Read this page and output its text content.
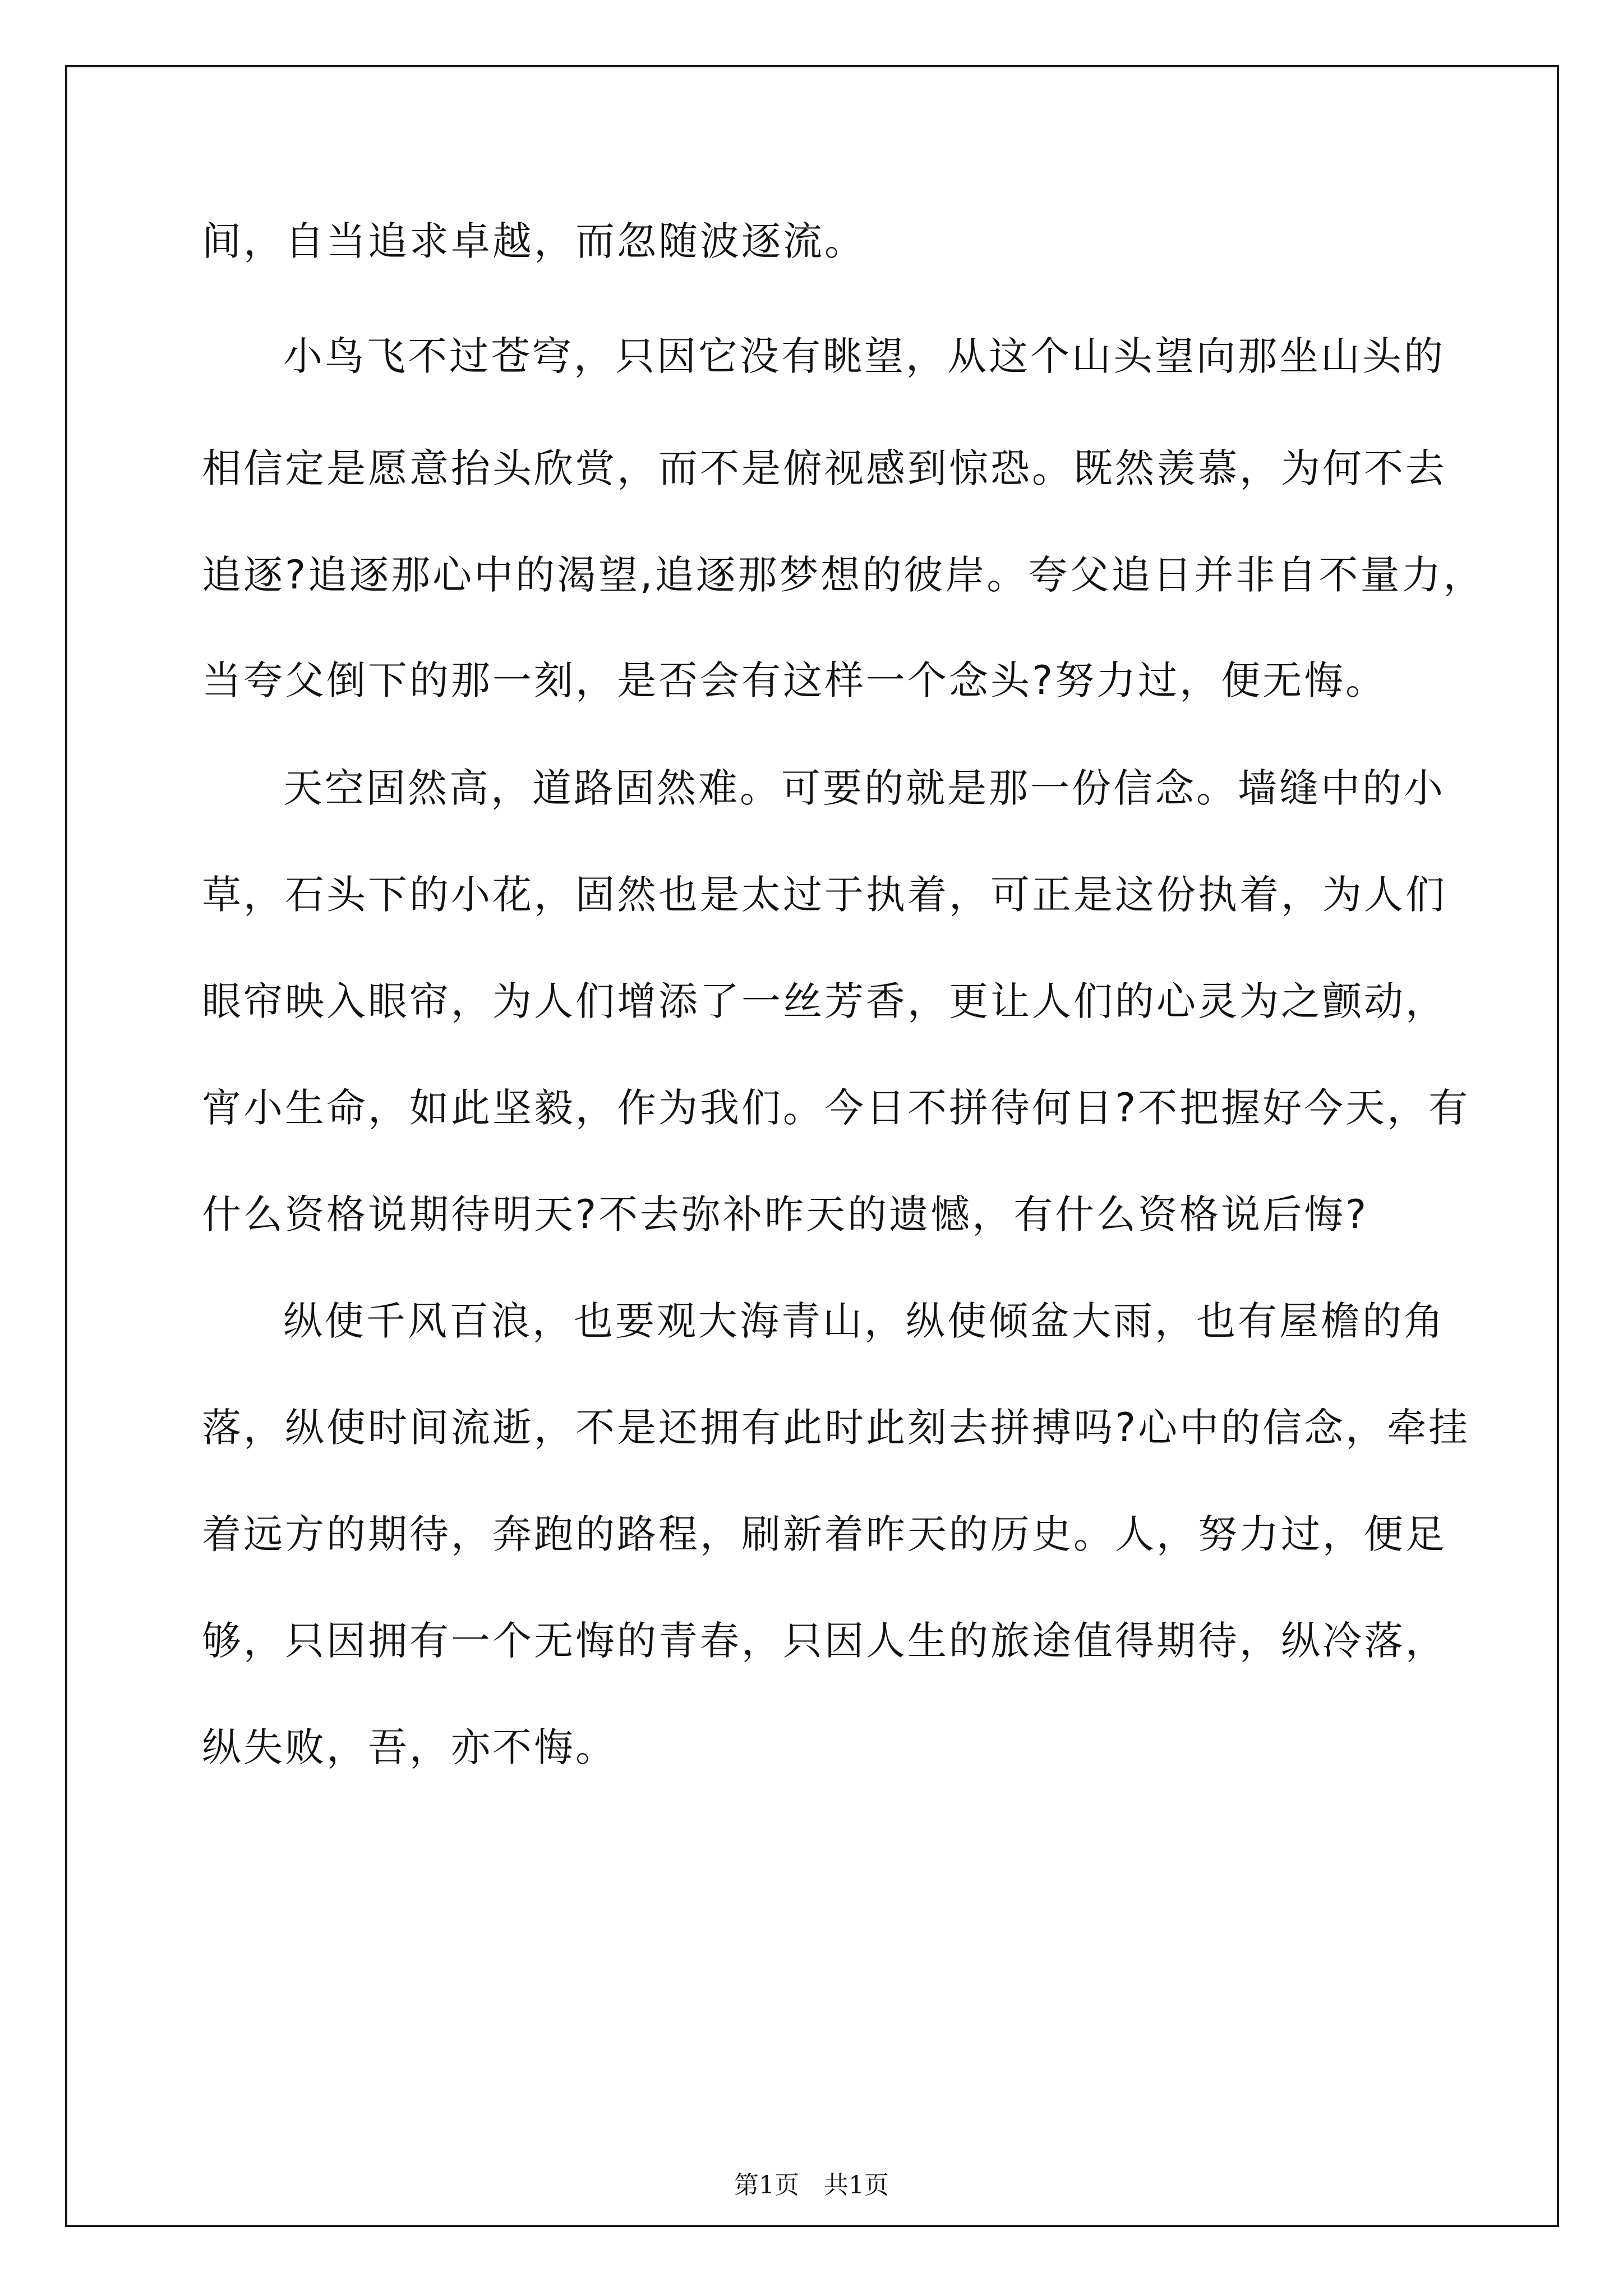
间，自当追求卓越，而忽随波逐流。
小鸟飞不过苍穹，只因它没有眺望，从这个山头望向那坐山头的
相信定是愿意抬头欣赏，而不是俯视感到惊恐。既然羡慕，为何不去
追逐?追逐那心中的渴望,追逐那梦想的彼岸。夸父追日并非自不量力，
当夸父倒下的那一刻，是否会有这样一个念头?努力过，便无悔。
天空固然高，道路固然难。可要的就是那一份信念。墙缝中的小
草，石头下的小花，固然也是太过于执着，可正是这份执着，为人们
眼帘映入眼帘，为人们增添了一丝芳香，更让人们的心灵为之颤动，
宵小生命，如此坚毅，作为我们。今日不拼待何日?不把握好今天，有
什么资格说期待明天?不去弥补昨天的遗憾，有什么资格说后悔?
纵使千风百浪，也要观大海青山，纵使倾盆大雨，也有屋檐的角
落，纵使时间流逝，不是还拥有此时此刻去拼搏吗?心中的信念，牵挂
着远方的期待，奔跑的路程，刷新着昨天的历史。人，努力过，便足
够，只因拥有一个无悔的青春，只因人生的旅途值得期待，纵冷落，
纵失败，吾，亦不悔。
第1页　共1页
